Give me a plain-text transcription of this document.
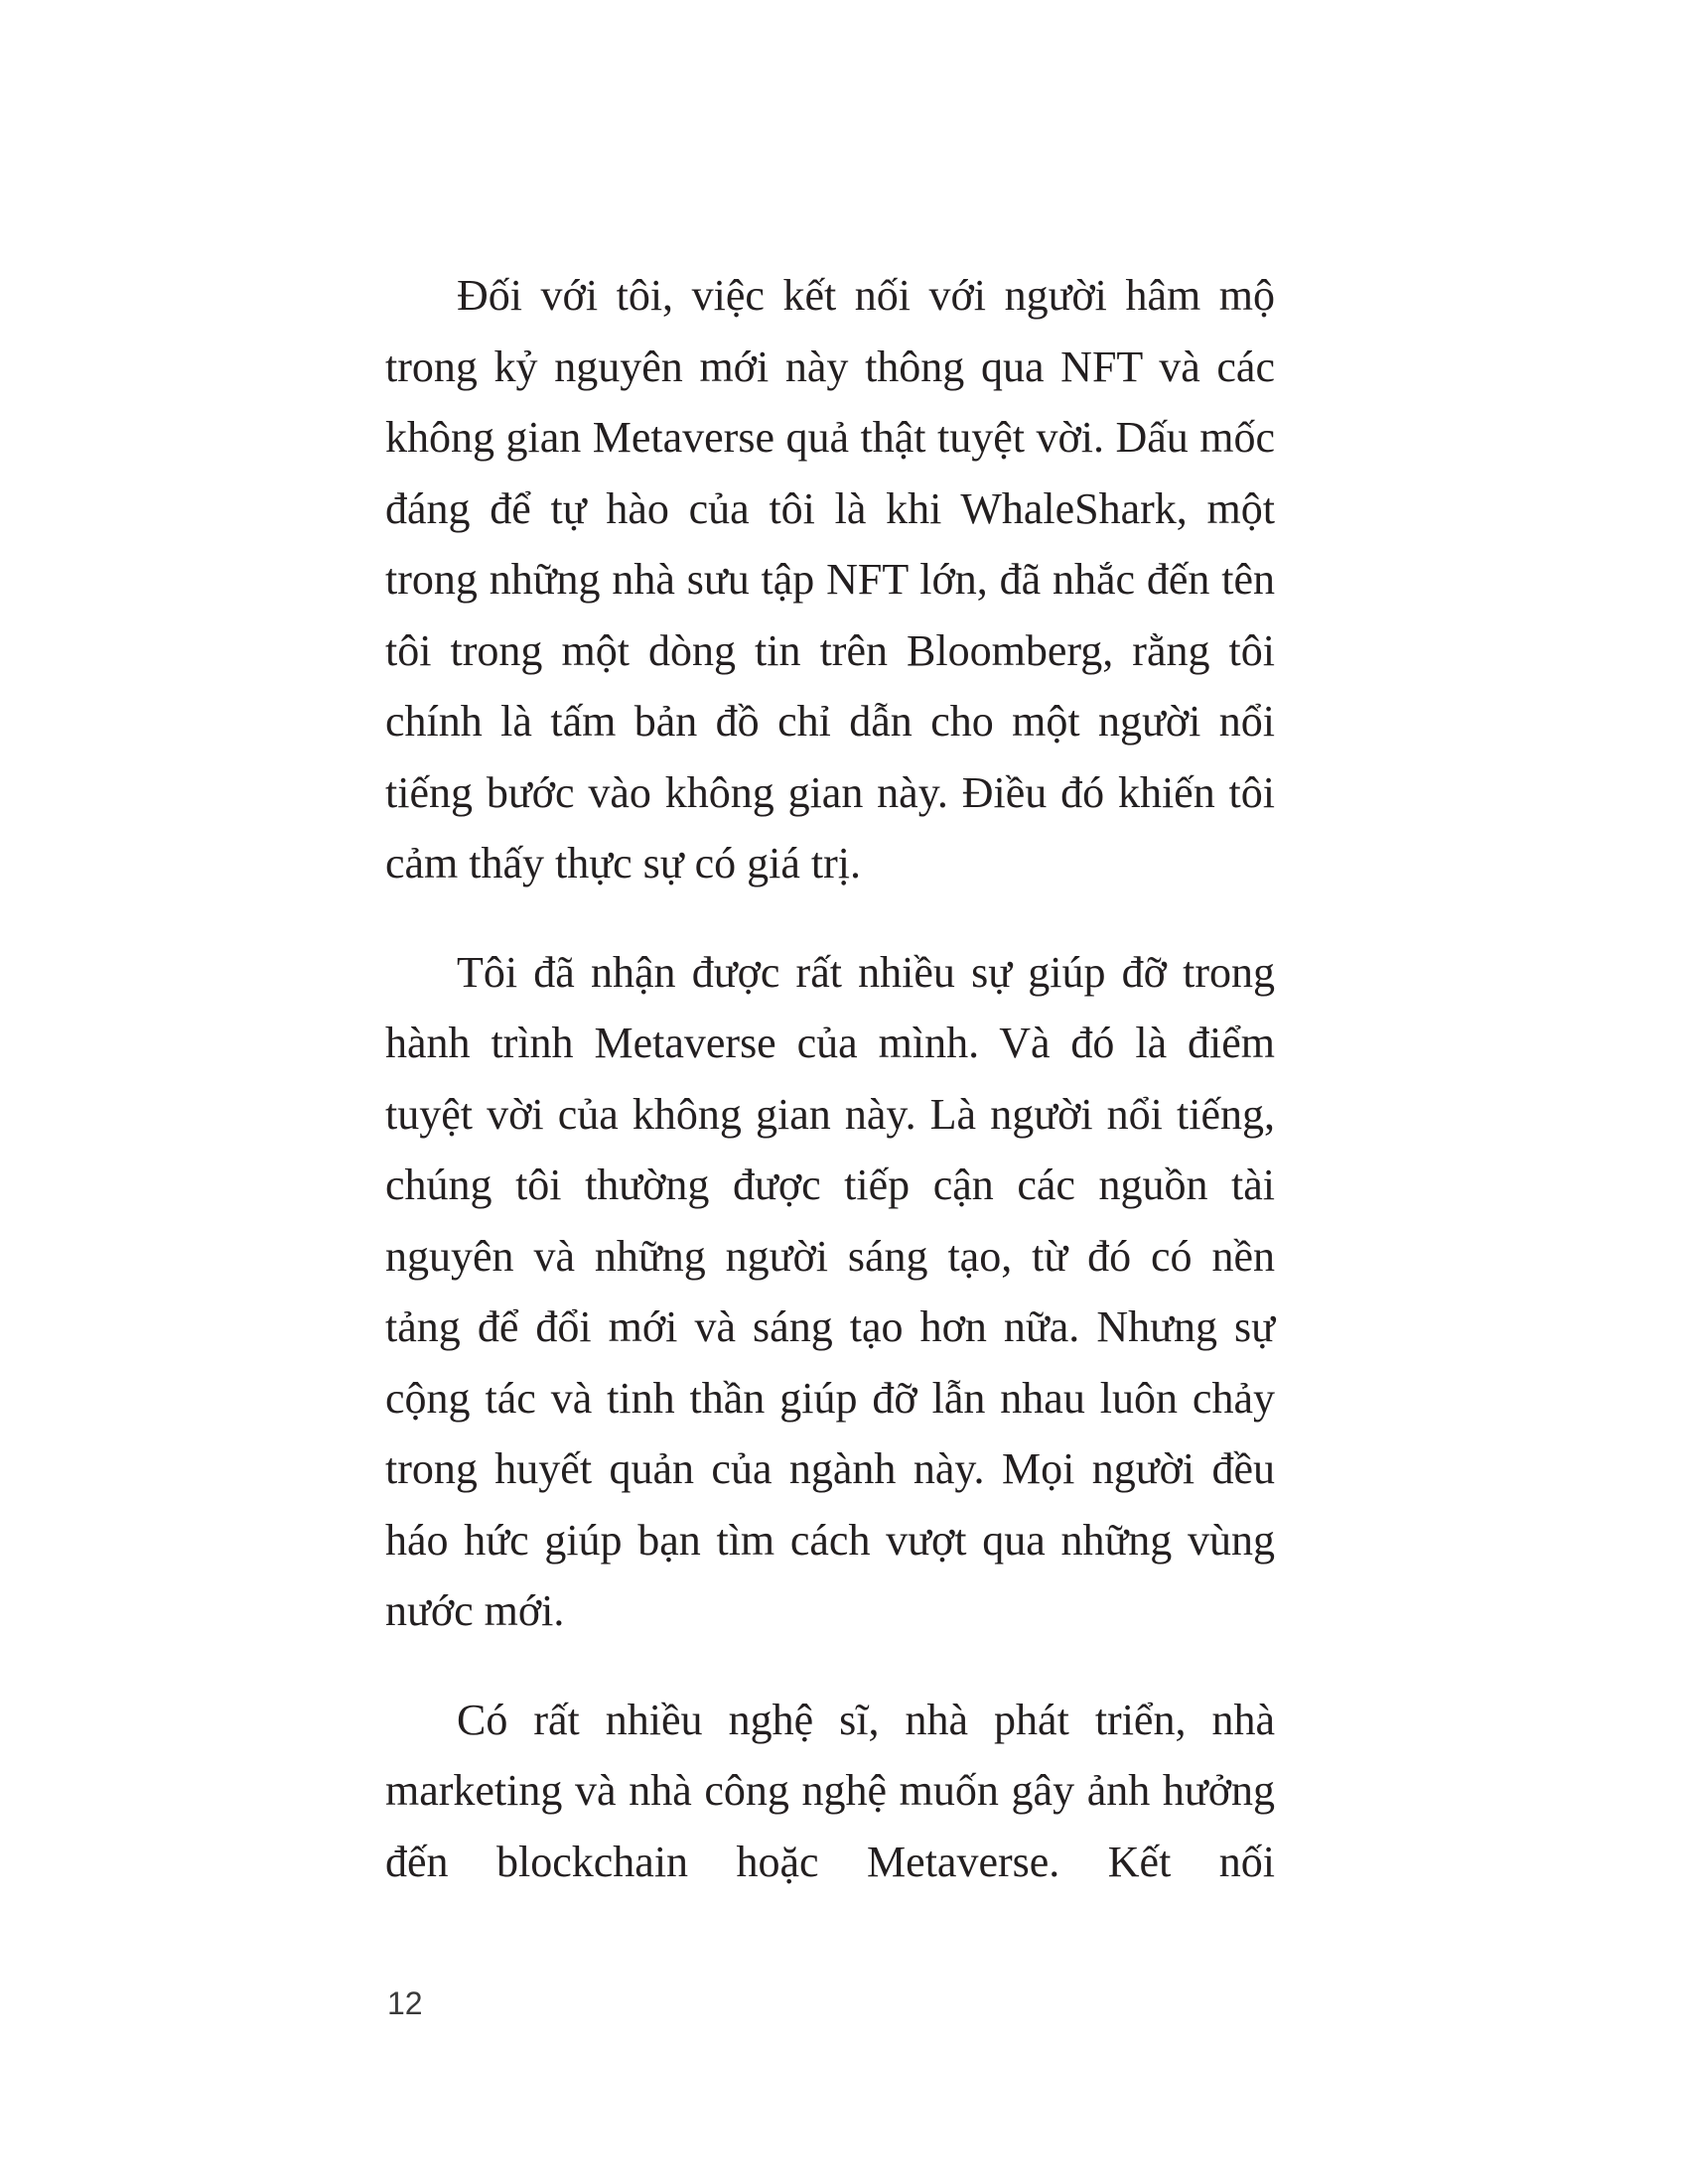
Đối với tôi, việc kết nối với người hâm mộ trong kỷ nguyên mới này thông qua NFT và các không gian Metaverse quả thật tuyệt vời. Dấu mốc đáng để tự hào của tôi là khi WhaleShark, một trong những nhà sưu tập NFT lớn, đã nhắc đến tên tôi trong một dòng tin trên Bloomberg, rằng tôi chính là tấm bản đồ chỉ dẫn cho một người nổi tiếng bước vào không gian này. Điều đó khiến tôi cảm thấy thực sự có giá trị.

Tôi đã nhận được rất nhiều sự giúp đỡ trong hành trình Metaverse của mình. Và đó là điểm tuyệt vời của không gian này. Là người nổi tiếng, chúng tôi thường được tiếp cận các nguồn tài nguyên và những người sáng tạo, từ đó có nền tảng để đổi mới và sáng tạo hơn nữa. Nhưng sự cộng tác và tinh thần giúp đỡ lẫn nhau luôn chảy trong huyết quản của ngành này. Mọi người đều háo hức giúp bạn tìm cách vượt qua những vùng nước mới.

Có rất nhiều nghệ sĩ, nhà phát triển, nhà marketing và nhà công nghệ muốn gây ảnh hưởng đến blockchain hoặc Metaverse. Kết nối

12
